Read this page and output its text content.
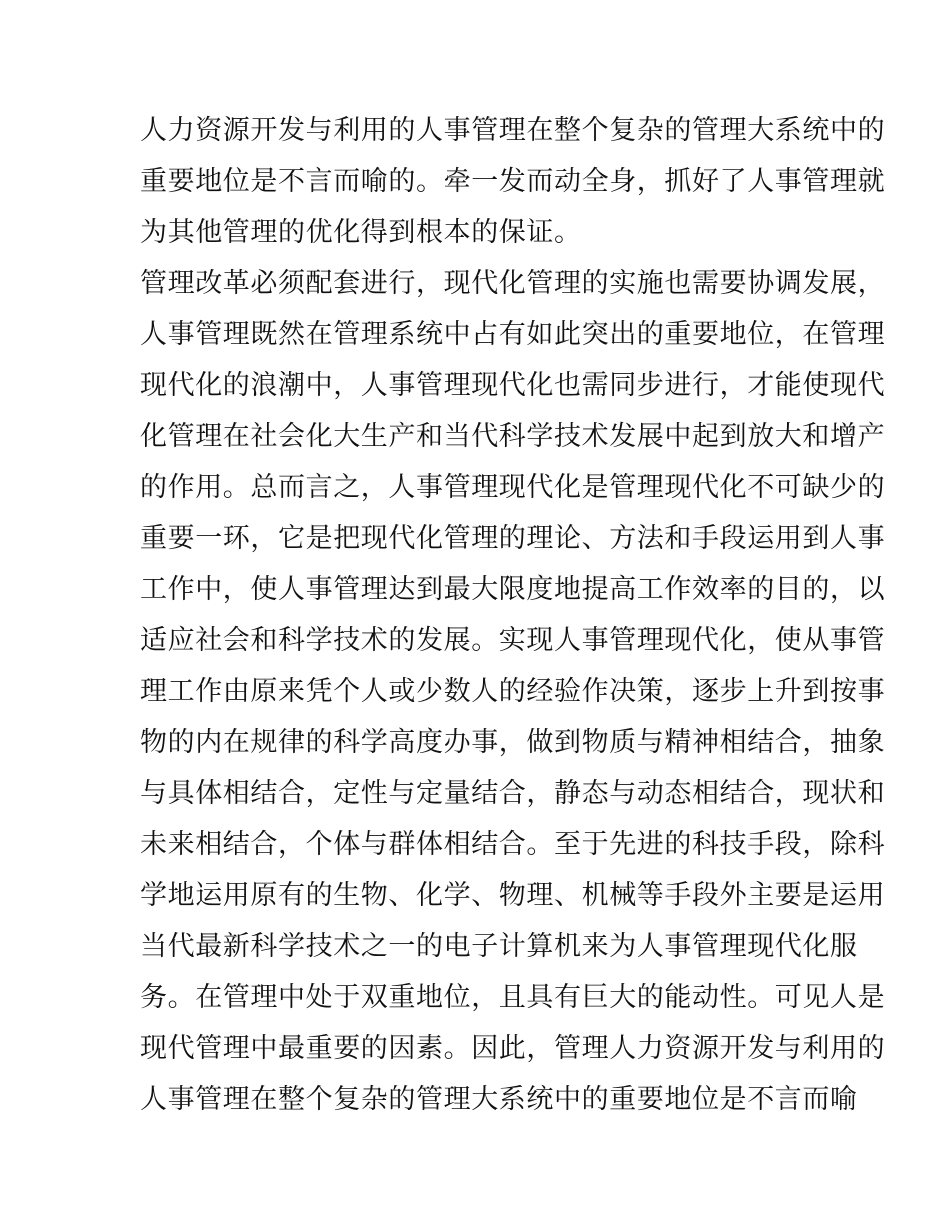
人力资源开发与利用的人事管理在整个复杂的管理大系统中的
重要地位是不言而喻的。牵一发而动全身，抓好了人事管理就
为其他管理的优化得到根本的保证。
管理改革必须配套进行，现代化管理的实施也需要协调发展，
人事管理既然在管理系统中占有如此突出的重要地位，在管理
现代化的浪潮中，人事管理现代化也需同步进行，才能使现代
化管理在社会化大生产和当代科学技术发展中起到放大和增产
的作用。总而言之，人事管理现代化是管理现代化不可缺少的
重要一环，它是把现代化管理的理论、方法和手段运用到人事
工作中，使人事管理达到最大限度地提高工作效率的目的，以
适应社会和科学技术的发展。实现人事管理现代化，使从事管
理工作由原来凭个人或少数人的经验作决策，逐步上升到按事
物的内在规律的科学高度办事，做到物质与精神相结合，抽象
与具体相结合，定性与定量结合，静态与动态相结合，现状和
未来相结合，个体与群体相结合。至于先进的科技手段，除科
学地运用原有的生物、化学、物理、机械等手段外主要是运用
当代最新科学技术之一的电子计算机来为人事管理现代化服
务。在管理中处于双重地位，且具有巨大的能动性。可见人是
现代管理中最重要的因素。因此，管理人力资源开发与利用的
人事管理在整个复杂的管理大系统中的重要地位是不言而喻
